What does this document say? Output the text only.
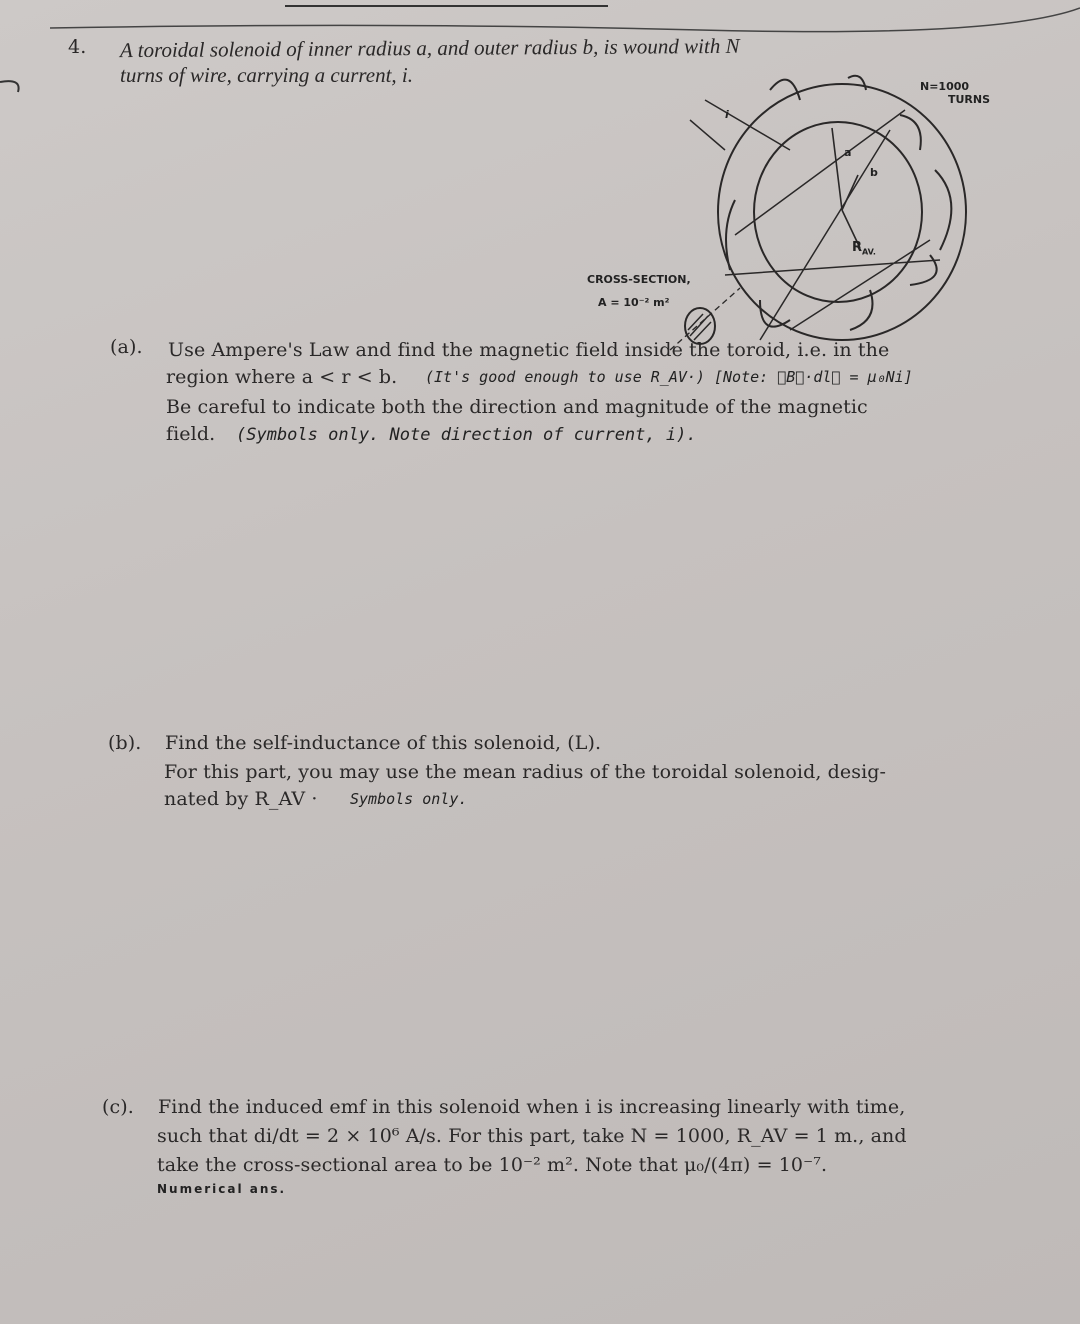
4. A toroidal solenoid of inner radius a, and outer radius b, is wound with N
turns of wire, carrying a current, i.	N=1000
TURNS
CROSS-SECTION,
A = 10⁻² m²
a
b
$R_{AV.}$
i
(a). Use Ampere's Law and find the magnetic field inside the toroid, i.e. in the
region where a < r < b. (It's good enough to use R_AV·) [Note: ∮B⃗·dl⃗ = μ₀Ni]
Be careful to indicate both the direction and magnitude of the magnetic
field. (Symbols only. Note direction of current, i).
(b). Find the self-inductance of this solenoid, (L).
For this part, you may use the mean radius of the toroidal solenoid, desig-
nated by R_AV · Symbols only.
(c). Find the induced emf in this solenoid when i is increasing linearly with time,
such that di/dt = 2 × 10⁶ A/s. For this part, take N = 1000, R_AV = 1 m., and
take the cross-sectional area to be 10⁻² m². Note that μ₀/(4π) = 10⁻⁷.
Numerical ans.
